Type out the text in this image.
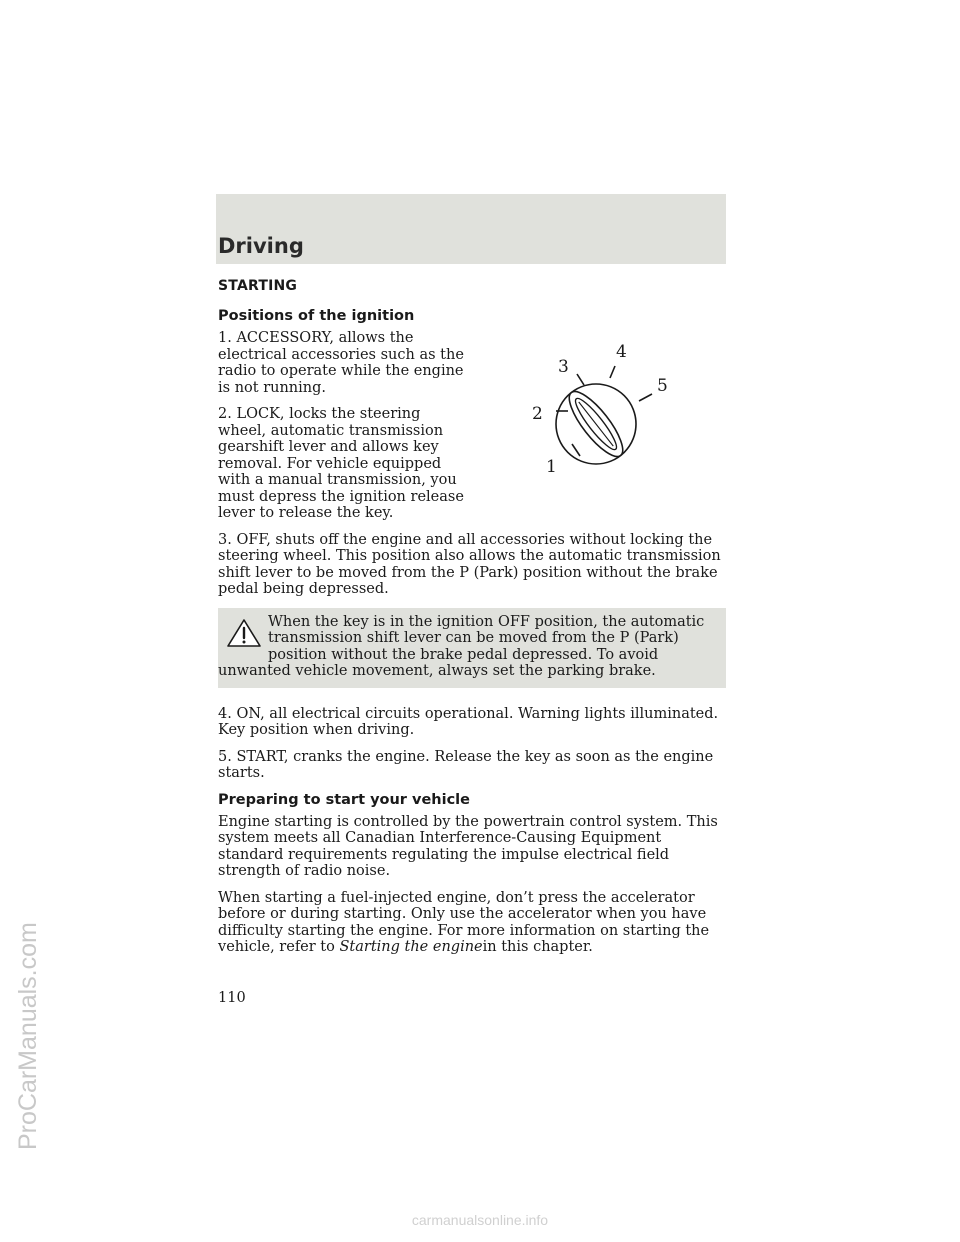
ProCarManuals.com
Driving
1
2
3
4
5
STARTING
Positions of the ignition

1. ACCESSORY, allows the electrical accessories such as the radio to operate while the engine is not running.

2. LOCK, locks the steering wheel, automatic transmission gearshift lever and allows key removal. For vehicle equipped with a manual transmission, you must depress the ignition release lever to release the key.

3. OFF, shuts off the engine and all accessories without locking the steering wheel. This position also allows the automatic transmission shift lever to be moved from the P (Park) position without the brake pedal being depressed.

When the key is in the ignition OFF position, the automatic transmission shift lever can be moved from the P (Park) position without the brake pedal depressed. To avoid unwanted vehicle movement, always set the parking brake.

4. ON, all electrical circuits operational. Warning lights illuminated. Key position when driving.

5. START, cranks the engine. Release the key as soon as the engine starts.

Preparing to start your vehicle

Engine starting is controlled by the powertrain control system. This system meets all Canadian Interference-Causing Equipment standard requirements regulating the impulse electrical field strength of radio noise.

When starting a fuel-injected engine, don’t press the accelerator before or during starting. Only use the accelerator when you have difficulty starting the engine. For more information on starting the vehicle, refer to Starting the enginein this chapter.

110
carmanualsonline.info
